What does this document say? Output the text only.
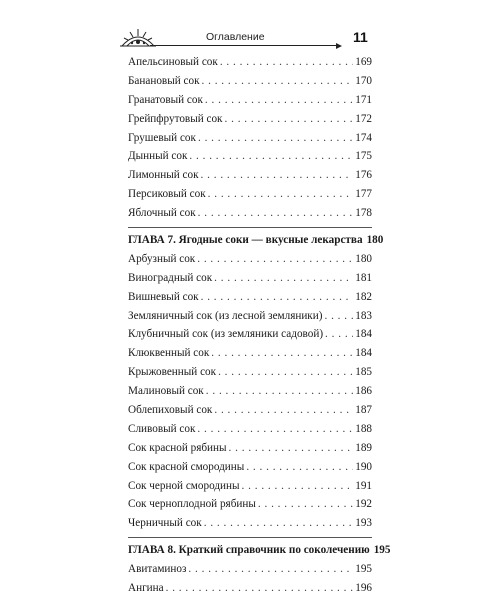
Оглавление	11
Апельсиновый сок . . .	169
Банановый сок . . .	170
Гранатовый сок . . .	171
Грейпфрутовый сок . . .	172
Грушевый сок . . .	174
Дынный сок . . .	175
Лимонный сок . . .	176
Персиковый сок . . .	177
Яблочный сок . . .	178
ГЛАВА 7. Ягодные соки — вкусные лекарства 180
Арбузный сок . . .	180
Виноградный сок . . .	181
Вишневый сок . . .	182
Земляничный сок (из лесной земляники) . . .	183
Клубничный сок (из земляники садовой) . . .	184
Клюквенный сок . . .	184
Крыжовенный сок . . .	185
Малиновый сок . . .	186
Облепиховый сок . . .	187
Сливовый сок . . .	188
Сок красной рябины . . .	189
Сок красной смородины . . .	190
Сок черной смородины . . .	191
Сок черноплодной рябины . . .	192
Черничный сок . . .	193
ГЛАВА 8. Краткий справочник по соколечению 195
Авитаминоз . . .	195
Ангина . . .	196
